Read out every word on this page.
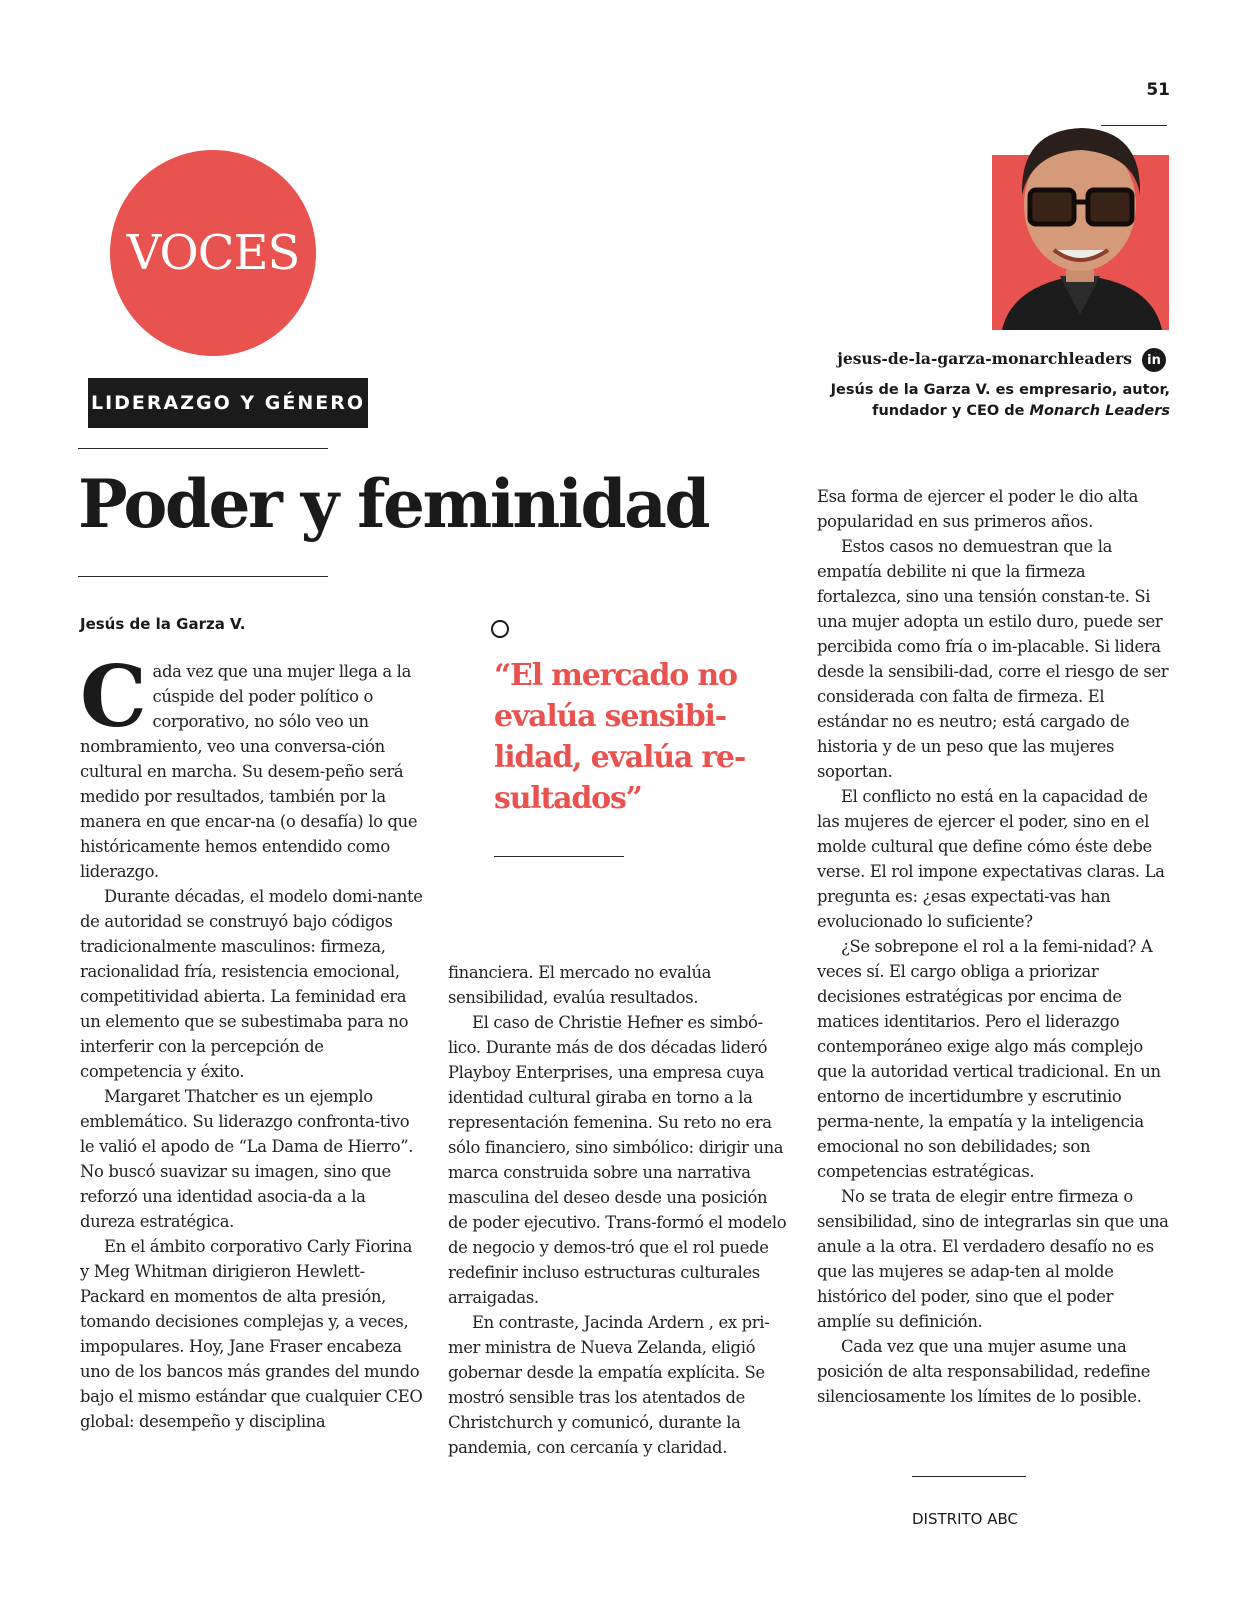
51
VOCES
LIDERAZGO Y GÉNERO
jesus-de-la-garza-monarchleaders	in
Jesús de la Garza V. es empresario, autor,
fundador y CEO de Monarch Leaders
Poder y feminidad
Jesús de la Garza V.

C ada vez que una mujer llega a la cúspide del poder político o corporativo, no sólo veo un nombramiento, veo una conversa-ción cultural en marcha. Su desem-peño será medido por resultados, también por la manera en que encar-na (o desafía) lo que históricamente hemos entendido como liderazgo.

Durante décadas, el modelo domi-nante de autoridad se construyó bajo códigos tradicionalmente masculinos: firmeza, racionalidad fría, resistencia emocional, competitividad abierta. La feminidad era un elemento que se subestimaba para no interferir con la percepción de competencia y éxito.

Margaret Thatcher es un ejemplo emblemático. Su liderazgo confronta-tivo le valió el apodo de “La Dama de Hierro”. No buscó suavizar su imagen, sino que reforzó una identidad asocia-da a la dureza estratégica.

En el ámbito corporativo Carly Fiorina y Meg Whitman dirigieron Hewlett-Packard en momentos de alta presión, tomando decisiones complejas y, a veces, impopulares. Hoy, Jane Fraser encabeza uno de los bancos más grandes del mundo bajo el mismo estándar que cualquier CEO global: desempeño y disciplina

“El mercado no evalúa sensibi-lidad, evalúa re-sultados”

financiera. El mercado no evalúa sensibilidad, evalúa resultados.

El caso de Christie Hefner es simbó-lico. Durante más de dos décadas lideró Playboy Enterprises, una empresa cuya identidad cultural giraba en torno a la representación femenina. Su reto no era sólo financiero, sino simbólico: dirigir una marca construida sobre una narrativa masculina del deseo desde una posición de poder ejecutivo. Trans-formó el modelo de negocio y demos-tró que el rol puede redefinir incluso estructuras culturales arraigadas.

En contraste, Jacinda Ardern , ex pri-mer ministra de Nueva Zelanda, eligió gobernar desde la empatía explícita. Se mostró sensible tras los atentados de Christchurch y comunicó, durante la pandemia, con cercanía y claridad.

Esa forma de ejercer el poder le dio alta popularidad en sus primeros años.

Estos casos no demuestran que la empatía debilite ni que la firmeza fortalezca, sino una tensión constan-te. Si una mujer adopta un estilo duro, puede ser percibida como fría o im-placable. Si lidera desde la sensibili-dad, corre el riesgo de ser considerada con falta de firmeza. El estándar no es neutro; está cargado de historia y de un peso que las mujeres soportan.

El conflicto no está en la capacidad de las mujeres de ejercer el poder, sino en el molde cultural que define cómo éste debe verse. El rol impone expectativas claras. La pregunta es: ¿esas expectati-vas han evolucionado lo suficiente?

¿Se sobrepone el rol a la femi-nidad? A veces sí. El cargo obliga a priorizar decisiones estratégicas por encima de matices identitarios. Pero el liderazgo contemporáneo exige algo más complejo que la autoridad vertical tradicional. En un entorno de incertidumbre y escrutinio perma-nente, la empatía y la inteligencia emocional no son debilidades; son competencias estratégicas.

No se trata de elegir entre firmeza o sensibilidad, sino de integrarlas sin que una anule a la otra. El verdadero desafío no es que las mujeres se adap-ten al molde histórico del poder, sino que el poder amplíe su definición.

Cada vez que una mujer asume una posición de alta responsabilidad, redefine silenciosamente los límites de lo posible.

DISTRITO ABC
